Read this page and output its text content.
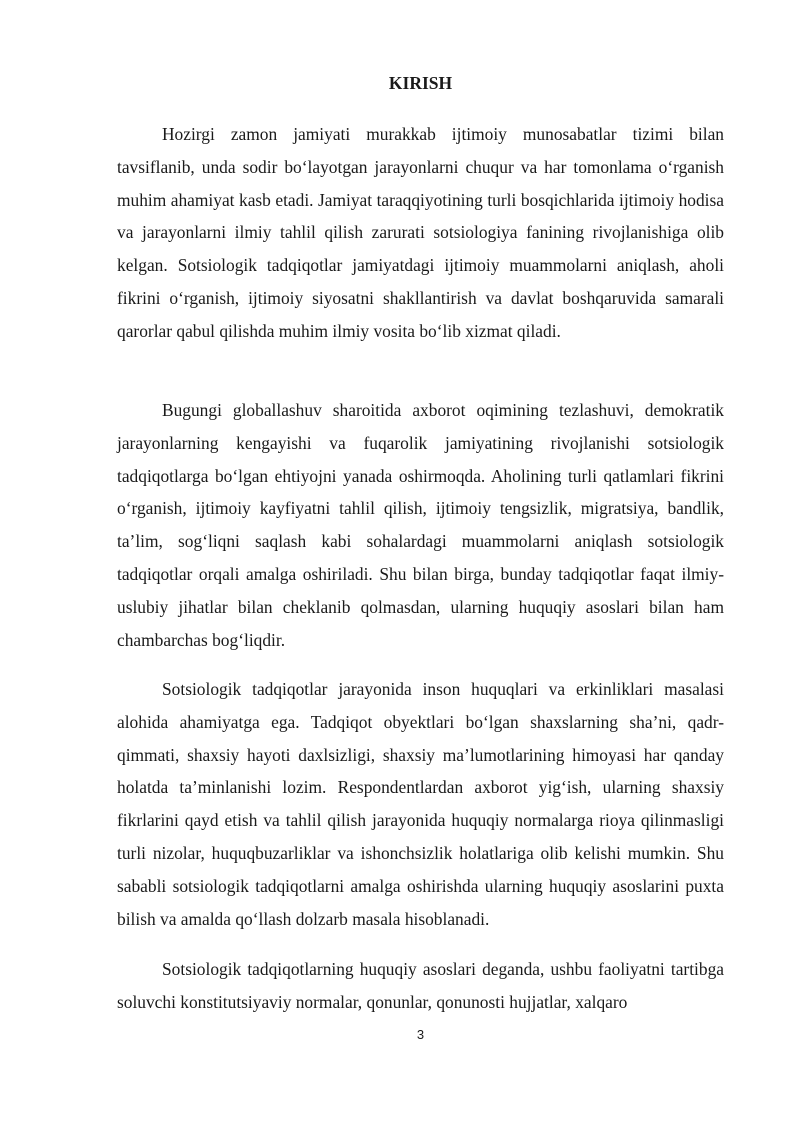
KIRISH

Hozirgi zamon jamiyati murakkab ijtimoiy munosabatlar tizimi bilan tavsiflanib, unda sodir bo‘layotgan jarayonlarni chuqur va har tomonlama o‘rganish muhim ahamiyat kasb etadi. Jamiyat taraqqiyotining turli bosqichlarida ijtimoiy hodisa va jarayonlarni ilmiy tahlil qilish zarurati sotsiologiya fanining rivojlanishiga olib kelgan. Sotsiologik tadqiqotlar jamiyatdagi ijtimoiy muammolarni aniqlash, aholi fikrini o‘rganish, ijtimoiy siyosatni shakllantirish va davlat boshqaruvida samarali qarorlar qabul qilishda muhim ilmiy vosita bo‘lib xizmat qiladi.

Bugungi globallashuv sharoitida axborot oqimining tezlashuvi, demokratik jarayonlarning kengayishi va fuqarolik jamiyatining rivojlanishi sotsiologik tadqiqotlarga bo‘lgan ehtiyojni yanada oshirmoqda. Aholining turli qatlamlari fikrini o‘rganish, ijtimoiy kayfiyatni tahlil qilish, ijtimoiy tengsizlik, migratsiya, bandlik, ta’lim, sog‘liqni saqlash kabi sohalardagi muammolarni aniqlash sotsiologik tadqiqotlar orqali amalga oshiriladi. Shu bilan birga, bunday tadqiqotlar faqat ilmiy-uslubiy jihatlar bilan cheklanib qolmasdan, ularning huquqiy asoslari bilan ham chambarchas bog‘liqdir.

Sotsiologik tadqiqotlar jarayonida inson huquqlari va erkinliklari masalasi alohida ahamiyatga ega. Tadqiqot obyektlari bo‘lgan shaxslarning sha’ni, qadr-qimmati, shaxsiy hayoti daxlsizligi, shaxsiy ma’lumotlarining himoyasi har qanday holatda ta’minlanishi lozim. Respondentlardan axborot yig‘ish, ularning shaxsiy fikrlarini qayd etish va tahlil qilish jarayonida huquqiy normalarga rioya qilinmasligi turli nizolar, huquqbuzarliklar va ishonchsizlik holatlariga olib kelishi mumkin. Shu sababli sotsiologik tadqiqotlarni amalga oshirishda ularning huquqiy asoslarini puxta bilish va amalda qo‘llash dolzarb masala hisoblanadi.

Sotsiologik tadqiqotlarning huquqiy asoslari deganda, ushbu faoliyatni tartibga soluvchi konstitutsiyaviy normalar, qonunlar, qonunosti hujjatlar, xalqaro

3
